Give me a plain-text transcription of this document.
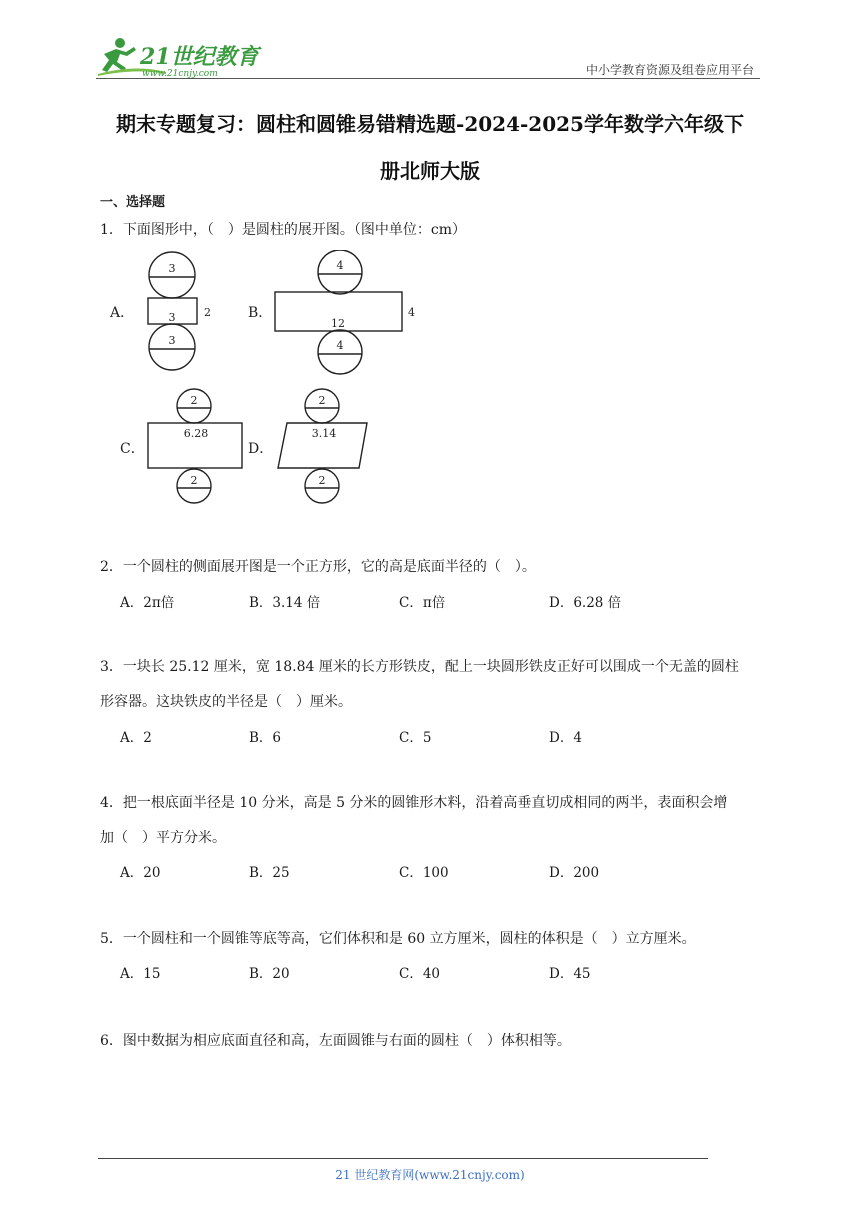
21世纪教育
www.21cnjy.com	中小学教育资源及组卷应用平台
期末专题复习：圆柱和圆锥易错精选题-2024-2025学年数学六年级下
册北师大版
一、选择题
1．下面图形中，（　）是圆柱的展开图。（图中单位：cm）
A．
3
3	2
3
B．
4
12
4
4
C．
2
6.28
2
D．
2
3.14
2
2．一个圆柱的侧面展开图是一个正方形，它的高是底面半径的（　）。
A．2π倍	B．3.14 倍	C．π倍	D．6.28 倍
3．一块长 25.12 厘米，宽 18.84 厘米的长方形铁皮，配上一块圆形铁皮正好可以围成一个无盖的圆柱
形容器。这块铁皮的半径是（　）厘米。
A．2	B．6	C．5	D．4
4．把一根底面半径是 10 分米，高是 5 分米的圆锥形木料，沿着高垂直切成相同的两半，表面积会增
加（　）平方分米。
A．20	B．25	C．100	D．200
5．一个圆柱和一个圆锥等底等高，它们体积和是 60 立方厘米，圆柱的体积是（　）立方厘米。
A．15	B．20	C．40	D．45
6．图中数据为相应底面直径和高，左面圆锥与右面的圆柱（　）体积相等。
21 世纪教育网(www.21cnjy.com)
